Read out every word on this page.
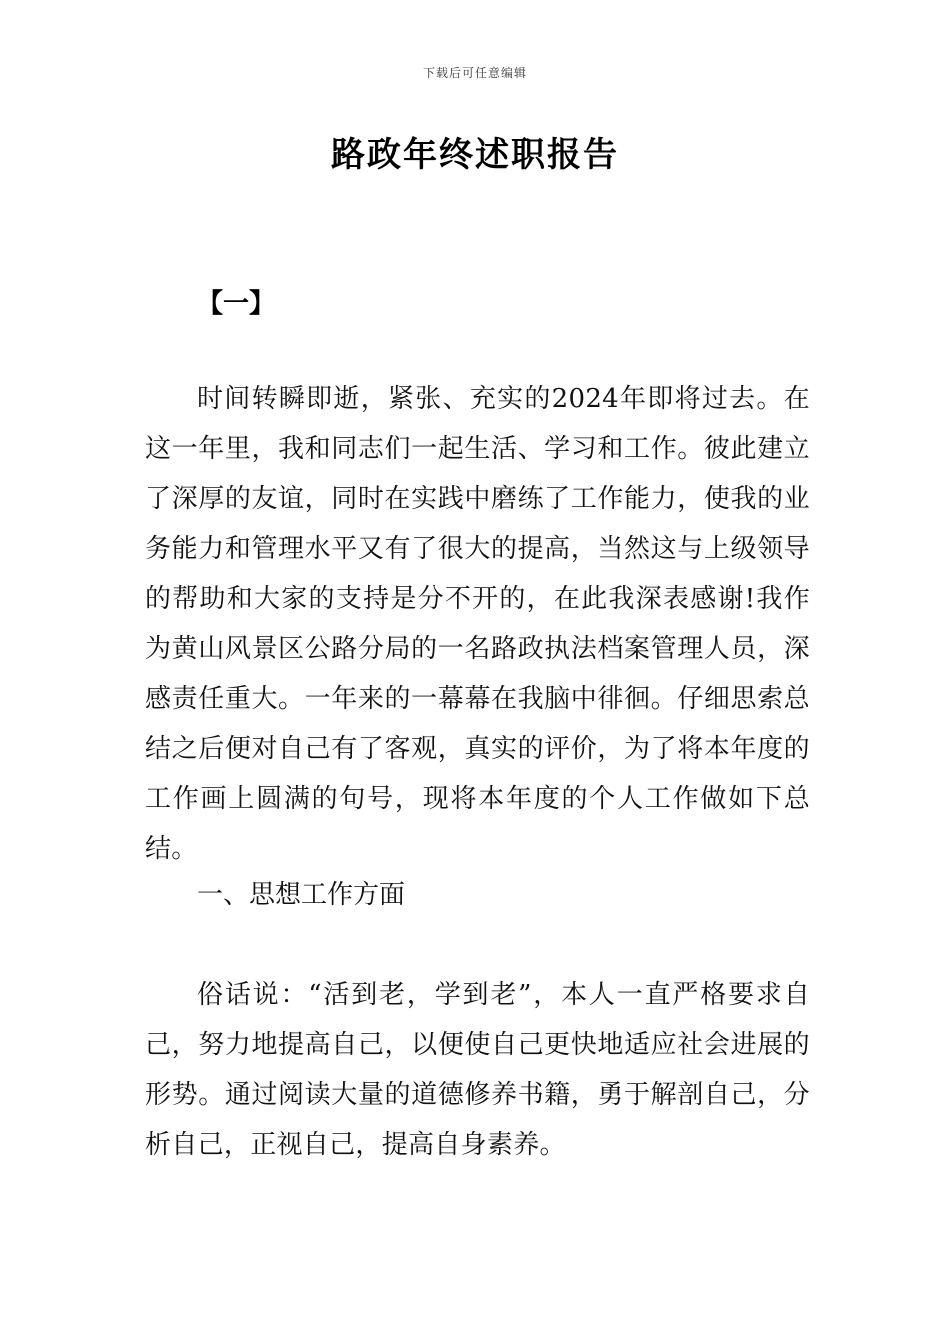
下载后可任意编辑
路政年终述职报告
【一】

时间转瞬即逝，紧张、充实的2024年即将过去。在这一年里，我和同志们一起生活、学习和工作。彼此建立了深厚的友谊，同时在实践中磨练了工作能力，使我的业务能力和管理水平又有了很大的提高，当然这与上级领导的帮助和大家的支持是分不开的，在此我深表感谢!我作为黄山风景区公路分局的一名路政执法档案管理人员，深感责任重大。一年来的一幕幕在我脑中徘徊。仔细思索总结之后便对自己有了客观，真实的评价，为了将本年度的工作画上圆满的句号，现将本年度的个人工作做如下总结。

一、思想工作方面

俗话说：“活到老，学到老”，本人一直严格要求自己，努力地提高自己，以便使自己更快地适应社会进展的形势。通过阅读大量的道德修养书籍，勇于解剖自己，分析自己，正视自己，提高自身素养。
